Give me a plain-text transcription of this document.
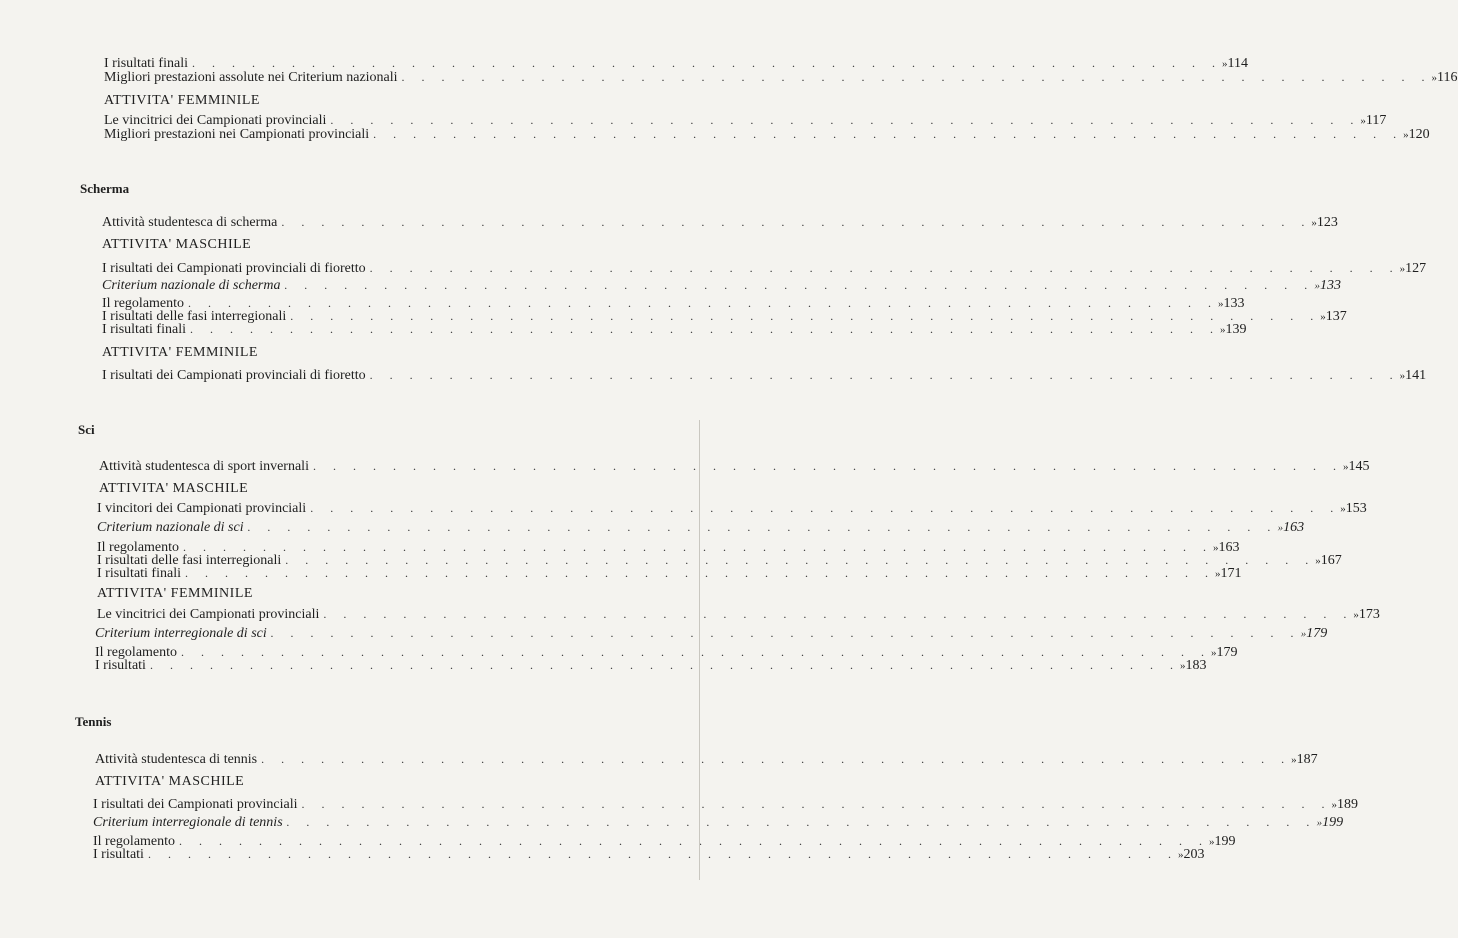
I risultati finali . . . . . . . . . . . . . . . . . . . . . . . . . . . . . . . . . . . . . . . . . . . . . . . . . . . . » 114
Migliori prestazioni assolute nei Criterium nazionali . . . . . . . . . . . . . . . . . . . . . . . . . . . . . . . . . . . . . . . . . . . . . . . . . . . . » 116
ATTIVITA' FEMMINILE
Le vincitrici dei Campionati provinciali . . . . . . . . . . . . . . . . . . . . . . . . . . . . . . . . . . . . . . . . . . . . . . . . . . . . » 117
Migliori prestazioni nei Campionati provinciali . . . . . . . . . . . . . . . . . . . . . . . . . . . . . . . . . . . . . . . . . . . . . . . . . . . . » 120
Scherma
Attività studentesca di scherma . . . . . . . . . . . . . . . . . . . . . . . . . . . . . . . . . . . . . . . . . . . . . . . . . . . . » 123
ATTIVITA' MASCHILE
I risultati dei Campionati provinciali di fioretto . . . . . . . . . . . . . . . . . . . . . . . . . . . . . . . . . . . . . . . . . . . . . . . . . . . . » 127
Criterium nazionale di scherma . . . . . . . . . . . . . . . . . . . . . . . . . . . . . . . . . . . . . . . . . . . . . . . . . . . . » 133
Il regolamento . . . . . . . . . . . . . . . . . . . . . . . . . . . . . . . . . . . . . . . . . . . . . . . . . . . . » 133
I risultati delle fasi interregionali . . . . . . . . . . . . . . . . . . . . . . . . . . . . . . . . . . . . . . . . . . . . . . . . . . . . » 137
I risultati finali . . . . . . . . . . . . . . . . . . . . . . . . . . . . . . . . . . . . . . . . . . . . . . . . . . . . » 139
ATTIVITA' FEMMINILE
I risultati dei Campionati provinciali di fioretto . . . . . . . . . . . . . . . . . . . . . . . . . . . . . . . . . . . . . . . . . . . . . . . . . . . . » 141
Sci
Attività studentesca di sport invernali . . . . . . . . . . . . . . . . . . . . . . . . . . . . . . . . . . . . . . . . . . . . . . . . . . . . » 145
ATTIVITA' MASCHILE
I vincitori dei Campionati provinciali . . . . . . . . . . . . . . . . . . . . . . . . . . . . . . . . . . . . . . . . . . . . . . . . . . . . » 153
Criterium nazionale di sci . . . . . . . . . . . . . . . . . . . . . . . . . . . . . . . . . . . . . . . . . . . . . . . . . . . . » 163
Il regolamento . . . . . . . . . . . . . . . . . . . . . . . . . . . . . . . . . . . . . . . . . . . . . . . . . . . . » 163
I risultati delle fasi interregionali . . . . . . . . . . . . . . . . . . . . . . . . . . . . . . . . . . . . . . . . . . . . . . . . . . . . » 167
I risultati finali . . . . . . . . . . . . . . . . . . . . . . . . . . . . . . . . . . . . . . . . . . . . . . . . . . . . » 171
ATTIVITA' FEMMINILE
Le vincitrici dei Campionati provinciali . . . . . . . . . . . . . . . . . . . . . . . . . . . . . . . . . . . . . . . . . . . . . . . . . . . . » 173
Criterium interregionale di sci . . . . . . . . . . . . . . . . . . . . . . . . . . . . . . . . . . . . . . . . . . . . . . . . . . . . » 179
Il regolamento . . . . . . . . . . . . . . . . . . . . . . . . . . . . . . . . . . . . . . . . . . . . . . . . . . . . » 179
I risultati . . . . . . . . . . . . . . . . . . . . . . . . . . . . . . . . . . . . . . . . . . . . . . . . . . . . » 183
Tennis
Attività studentesca di tennis . . . . . . . . . . . . . . . . . . . . . . . . . . . . . . . . . . . . . . . . . . . . . . . . . . . . » 187
ATTIVITA' MASCHILE
I risultati dei Campionati provinciali . . . . . . . . . . . . . . . . . . . . . . . . . . . . . . . . . . . . . . . . . . . . . . . . . . . . » 189
Criterium interregionale di tennis . . . . . . . . . . . . . . . . . . . . . . . . . . . . . . . . . . . . . . . . . . . . . . . . . . . . » 199
Il regolamento . . . . . . . . . . . . . . . . . . . . . . . . . . . . . . . . . . . . . . . . . . . . . . . . . . . . » 199
I risultati . . . . . . . . . . . . . . . . . . . . . . . . . . . . . . . . . . . . . . . . . . . . . . . . . . . . » 203
